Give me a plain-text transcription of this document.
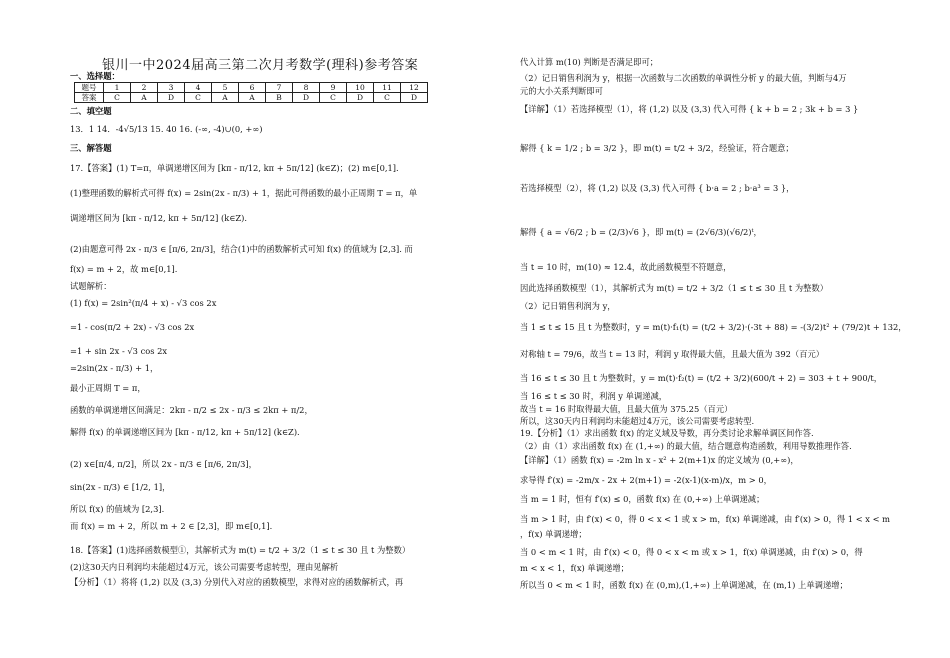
银川一中2024届高三第二次月考数学(理科)参考答案
一、选择题：
题号	1	2	3	4	5	6	7	8	9	10	11	12
答案	C	A	D	C	A	A	B	D	C	D	C	D
二、填空题
13．1 14．-4√5/13 15. 40 16. (-∞, -4)∪(0, +∞)
三、解答题
17.【答案】(1) T=π，单调递增区间为 [kπ - π/12, kπ + 5π/12] (k∈Z)；(2) m∈[0,1].
(1)整理函数的解析式可得 f(x) = 2sin(2x - π/3) + 1，据此可得函数的最小正周期 T = π，单
调递增区间为 [kπ - π/12, kπ + 5π/12] (k∈Z).
(2)由题意可得 2x - π/3 ∈ [π/6, 2π/3]，结合(1)中的函数解析式可知 f(x) 的值域为 [2,3]. 而
f(x) = m + 2，故 m∈[0,1].
试题解析：
(1) f(x) = 2sin²(π/4 + x) - √3 cos 2x
=1 - cos(π/2 + 2x) - √3 cos 2x
=1 + sin 2x - √3 cos 2x
=2sin(2x - π/3) + 1，
最小正周期 T = π，
函数的单调递增区间满足：2kπ - π/2 ≤ 2x - π/3 ≤ 2kπ + π/2，
解得 f(x) 的单调递增区间为 [kπ - π/12, kπ + 5π/12] (k∈Z).
(2) x∈[π/4, π/2]，所以 2x - π/3 ∈ [π/6, 2π/3]，
sin(2x - π/3) ∈ [1/2, 1]，
所以 f(x) 的值域为 [2,3].
而 f(x) = m + 2，所以 m + 2 ∈ [2,3]，即 m∈[0,1].
18.【答案】(1)选择函数模型①，其解析式为 m(t) = t/2 + 3/2（1 ≤ t ≤ 30 且 t 为整数）
(2)这30天内日利润均未能超过4万元，该公司需要考虑转型，理由见解析
【分析】（1）将将 (1,2) 以及 (3,3) 分别代入对应的函数模型，求得对应的函数解析式，再
代入计算 m(10) 判断是否满足即可；
（2）记日销售利润为 y，根据一次函数与二次函数的单调性分析 y 的最大值，判断与4万
元的大小关系判断即可
【详解】（1）若选择模型（1），将 (1,2) 以及 (3,3) 代入可得 { k + b = 2 ; 3k + b = 3 }
解得 { k = 1/2 ; b = 3/2 }，即 m(t) = t/2 + 3/2，经验证，符合题意；
若选择模型（2），将 (1,2) 以及 (3,3) 代入可得 { b·a = 2 ; b·a³ = 3 }，
解得 { a = √6/2 ; b = (2/3)√6 }，即 m(t) = (2√6/3)(√6/2)ᵗ，
当 t = 10 时，m(10) ≈ 12.4，故此函数模型不符题意，
因此选择函数模型（1），其解析式为 m(t) = t/2 + 3/2（1 ≤ t ≤ 30 且 t 为整数）
（2）记日销售利润为 y，
当 1 ≤ t ≤ 15 且 t 为整数时，y = m(t)·f₁(t) = (t/2 + 3/2)·(-3t + 88) = -(3/2)t² + (79/2)t + 132，
对称轴 t = 79/6，故当 t = 13 时，利润 y 取得最大值，且最大值为 392（百元）
当 16 ≤ t ≤ 30 且 t 为整数时，y = m(t)·f₂(t) = (t/2 + 3/2)(600/t + 2) = 303 + t + 900/t，
当 16 ≤ t ≤ 30 时，利润 y 单调递减，
故当 t = 16 时取得最大值，且最大值为 375.25（百元）
所以，这30天内日利润均未能超过4万元，该公司需要考虑转型.
19.【分析】（1）求出函数 f(x) 的定义域及导数，再分类讨论求解单调区间作答.
（2）由（1）求出函数 f(x) 在 (1,+∞) 的最大值，结合题意构造函数，利用导数推理作答.
【详解】（1）函数 f(x) = -2m ln x - x² + 2(m+1)x 的定义域为 (0,+∞)，
求导得 f′(x) = -2m/x - 2x + 2(m+1) = -2(x-1)(x-m)/x，m > 0，
当 m = 1 时，恒有 f′(x) ≤ 0，函数 f(x) 在 (0,+∞) 上单调递减；
当 m > 1 时，由 f′(x) < 0，得 0 < x < 1 或 x > m，f(x) 单调递减，由 f′(x) > 0，得 1 < x < m
，f(x) 单调递增；
当 0 < m < 1 时，由 f′(x) < 0，得 0 < x < m 或 x > 1，f(x) 单调递减，由 f′(x) > 0，得
m < x < 1，f(x) 单调递增；
所以当 0 < m < 1 时，函数 f(x) 在 (0,m),(1,+∞) 上单调递减，在 (m,1) 上单调递增；
